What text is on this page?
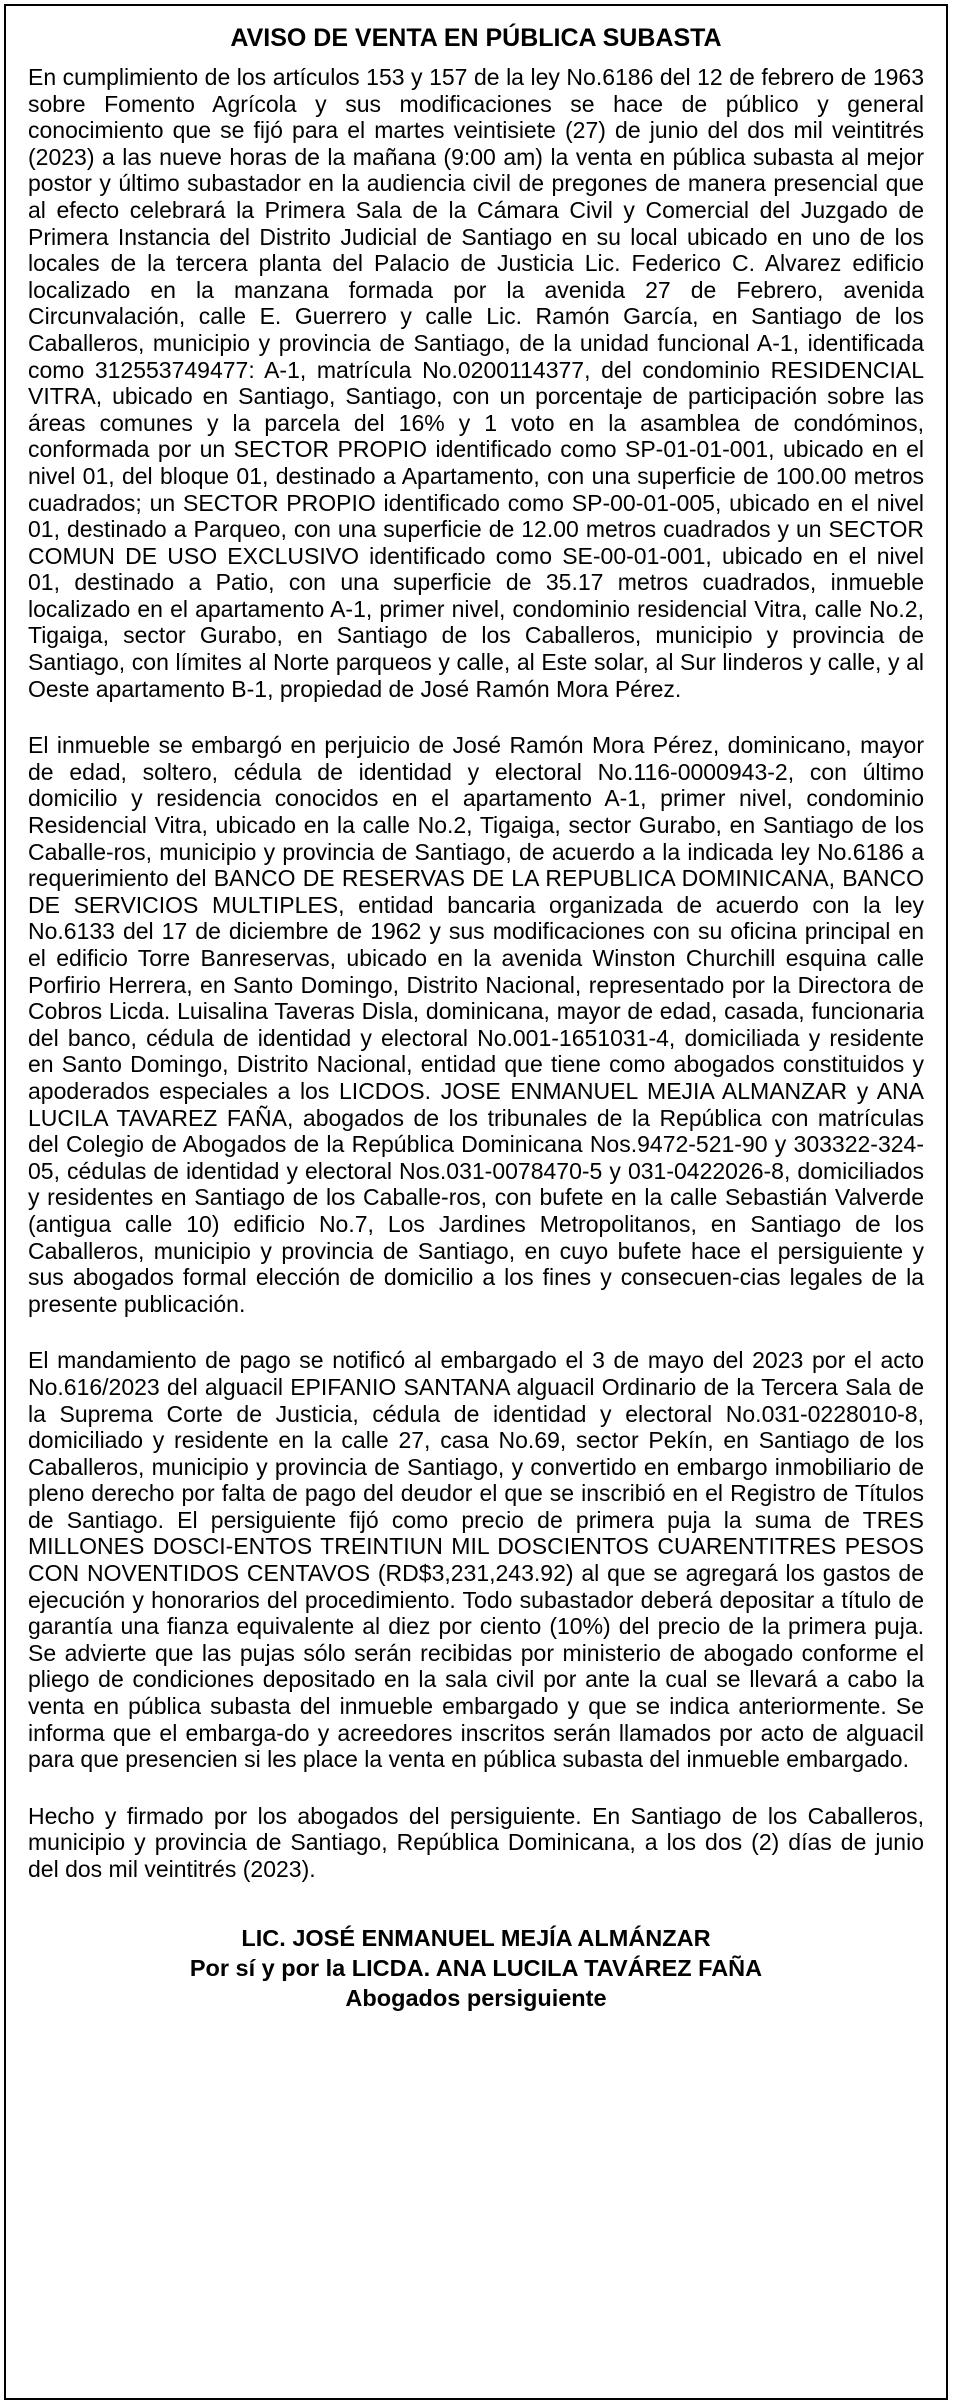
AVISO DE VENTA EN PÚBLICA SUBASTA

En cumplimiento de los artículos 153 y 157 de la ley No.6186 del 12 de febrero de 1963 sobre Fomento Agrícola y sus modificaciones se hace de público y general conocimiento que se fijó para el martes veintisiete (27) de junio del dos mil veintitrés (2023) a las nueve horas de la mañana (9:00 am) la venta en pública subasta al mejor postor y último subastador en la audiencia civil de pregones de manera presencial que al efecto celebrará la Primera Sala de la Cámara Civil y Comercial del Juzgado de Primera Instancia del Distrito Judicial de Santiago en su local ubicado en uno de los locales de la tercera planta del Palacio de Justicia Lic. Federico C. Alvarez edificio localizado en la manzana formada por la avenida 27 de Febrero, avenida Circunvalación, calle E. Guerrero y calle Lic. Ramón García, en Santiago de los Caballeros, municipio y provincia de Santiago, de la unidad funcional A-1, identificada como 312553749477: A-1, matrícula No.0200114377, del condominio RESIDENCIAL VITRA, ubicado en Santiago, Santiago, con un porcentaje de participación sobre las áreas comunes y la parcela del 16% y 1 voto en la asamblea de condóminos, conformada por un SECTOR PROPIO identificado como SP-01-01-001, ubicado en el nivel 01, del bloque 01, destinado a Apartamento, con una superficie de 100.00 metros cuadrados; un SECTOR PROPIO identificado como SP-00-01-005, ubicado en el nivel 01, destinado a Parqueo, con una superficie de 12.00 metros cuadrados y un SECTOR COMUN DE USO EXCLUSIVO identificado como SE-00-01-001, ubicado en el nivel 01, destinado a Patio, con una superficie de 35.17 metros cuadrados, inmueble localizado en el apartamento A-1, primer nivel, condominio residencial Vitra, calle No.2, Tigaiga, sector Gurabo, en Santiago de los Caballeros, municipio y provincia de Santiago, con límites al Norte parqueos y calle, al Este solar, al Sur linderos y calle, y al Oeste apartamento B-1, propiedad de José Ramón Mora Pérez.

El inmueble se embargó en perjuicio de José Ramón Mora Pérez, dominicano, mayor de edad, soltero, cédula de identidad y electoral No.116-0000943-2, con último domicilio y residencia conocidos en el apartamento A-1, primer nivel, condominio Residencial Vitra, ubicado en la calle No.2, Tigaiga, sector Gurabo, en Santiago de los Caballe-ros, municipio y provincia de Santiago, de acuerdo a la indicada ley No.6186 a requerimiento del BANCO DE RESERVAS DE LA REPUBLICA DOMINICANA, BANCO DE SERVICIOS MULTIPLES, entidad bancaria organizada de acuerdo con la ley No.6133 del 17 de diciembre de 1962 y sus modificaciones con su oficina principal en el edificio Torre Banreservas, ubicado en la avenida Winston Churchill esquina calle Porfirio Herrera, en Santo Domingo, Distrito Nacional, representado por la Directora de Cobros Licda. Luisalina Taveras Disla, dominicana, mayor de edad, casada, funcionaria del banco, cédula de identidad y electoral No.001-1651031-4, domiciliada y residente en Santo Domingo, Distrito Nacional, entidad que tiene como abogados constituidos y apoderados especiales a los LICDOS. JOSE ENMANUEL MEJIA ALMANZAR y ANA LUCILA TAVAREZ FAÑA, abogados de los tribunales de la República con matrículas del Colegio de Abogados de la República Dominicana Nos.9472-521-90 y 303322-324-05, cédulas de identidad y electoral Nos.031-0078470-5 y 031-0422026-8, domiciliados y residentes en Santiago de los Caballe-ros, con bufete en la calle Sebastián Valverde (antigua calle 10) edificio No.7, Los Jardines Metropolitanos, en Santiago de los Caballeros, municipio y provincia de Santiago, en cuyo bufete hace el persiguiente y sus abogados formal elección de domicilio a los fines y consecuen-cias legales de la presente publicación.

El mandamiento de pago se notificó al embargado el 3 de mayo del 2023 por el acto No.616/2023 del alguacil EPIFANIO SANTANA alguacil Ordinario de la Tercera Sala de la Suprema Corte de Justicia, cédula de identidad y electoral No.031-0228010-8, domiciliado y residente en la calle 27, casa No.69, sector Pekín, en Santiago de los Caballeros, municipio y provincia de Santiago, y convertido en embargo inmobiliario de pleno derecho por falta de pago del deudor el que se inscribió en el Registro de Títulos de Santiago. El persiguiente fijó como precio de primera puja la suma de TRES MILLONES DOSCI-ENTOS TREINTIUN MIL DOSCIENTOS CUARENTITRES PESOS CON NOVENTIDOS CENTAVOS (RD$3,231,243.92) al que se agregará los gastos de ejecución y honorarios del procedimiento. Todo subastador deberá depositar a título de garantía una fianza equivalente al diez por ciento (10%) del precio de la primera puja. Se advierte que las pujas sólo serán recibidas por ministerio de abogado conforme el pliego de condiciones depositado en la sala civil por ante la cual se llevará a cabo la venta en pública subasta del inmueble embargado y que se indica anteriormente. Se informa que el embarga-do y acreedores inscritos serán llamados por acto de alguacil para que presencien si les place la venta en pública subasta del inmueble embargado.

Hecho y firmado por los abogados del persiguiente. En Santiago de los Caballeros, municipio y provincia de Santiago, República Dominicana, a los dos (2) días de junio del dos mil veintitrés (2023).

LIC. JOSÉ ENMANUEL MEJÍA ALMÁNZAR
Por sí y por la LICDA. ANA LUCILA TAVÁREZ FAÑA
Abogados persiguiente
